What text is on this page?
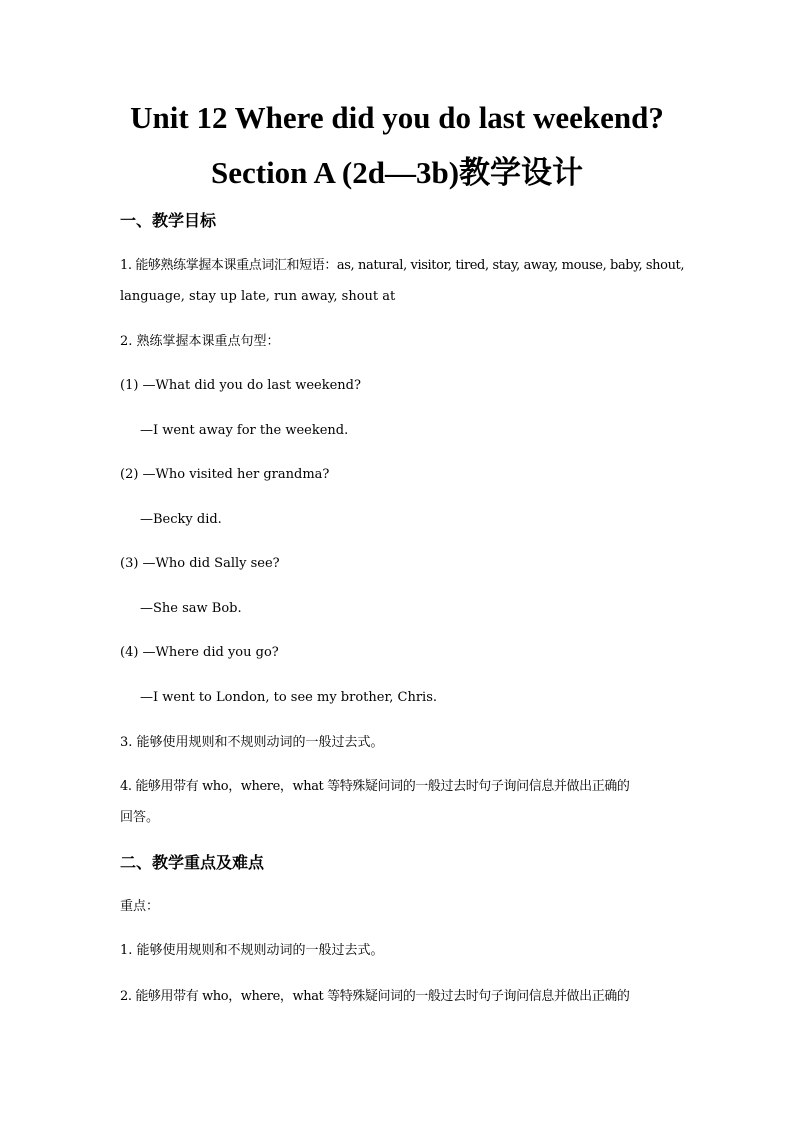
Unit 12 Where did you do last weekend?
Section A (2d—3b)教学设计
一、教学目标
1. 能够熟练掌握本课重点词汇和短语：as, natural, visitor, tired, stay, away, mouse, baby, shout,
language, stay up late, run away, shout at
2. 熟练掌握本课重点句型：
(1) —What did you do last weekend?
—I went away for the weekend.
(2) —Who visited her grandma?
—Becky did.
(3) —Who did Sally see?
—She saw Bob.
(4) —Where did you go?
—I went to London, to see my brother, Chris.
3. 能够使用规则和不规则动词的一般过去式。
4. 能够用带有 who，where，what 等特殊疑问词的一般过去时句子询问信息并做出正确的
回答。
二、教学重点及难点
重点：
1. 能够使用规则和不规则动词的一般过去式。
2. 能够用带有 who，where，what 等特殊疑问词的一般过去时句子询问信息并做出正确的
